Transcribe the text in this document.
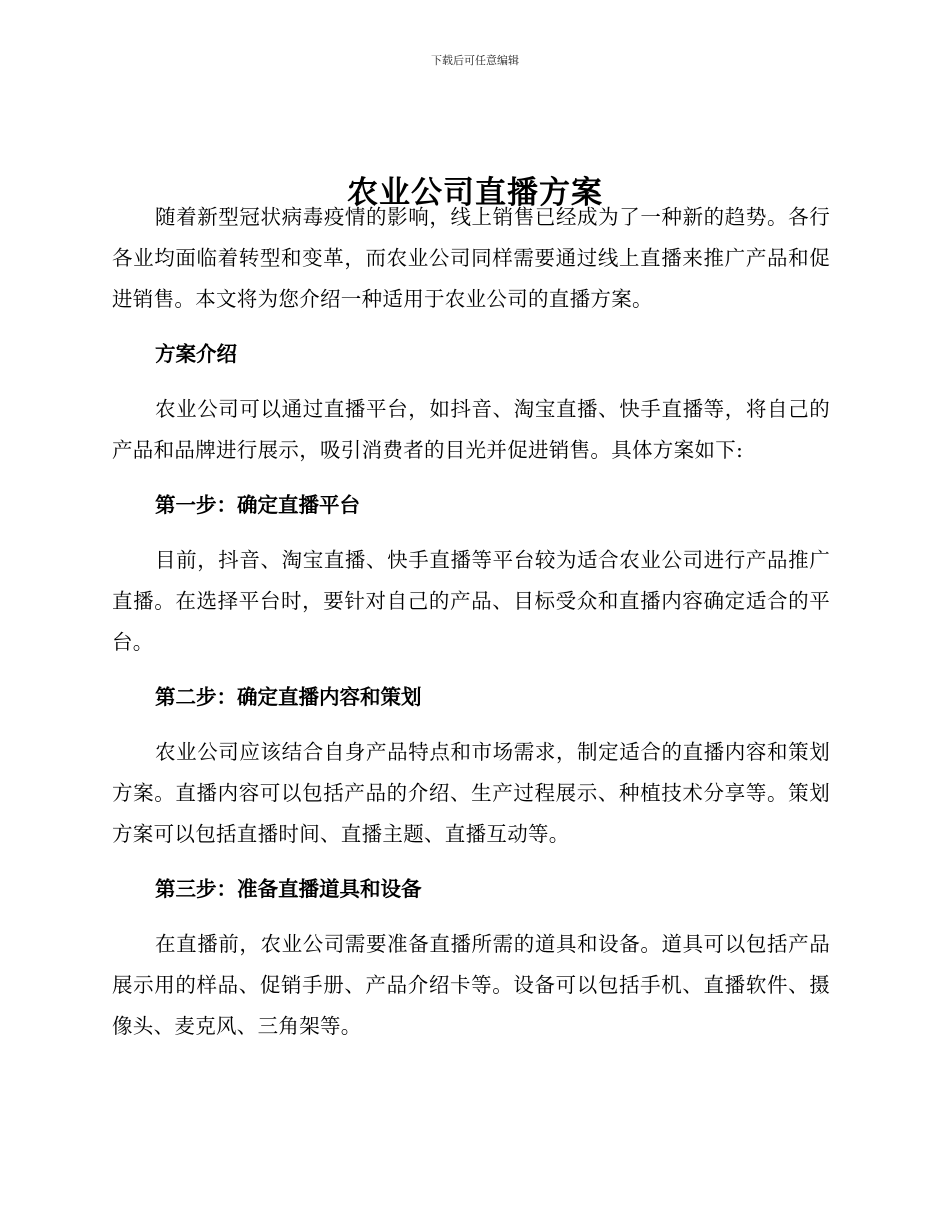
下载后可任意编辑
农业公司直播方案

随着新型冠状病毒疫情的影响，线上销售已经成为了一种新的趋势。各行各业均面临着转型和变革，而农业公司同样需要通过线上直播来推广产品和促进销售。本文将为您介绍一种适用于农业公司的直播方案。

方案介绍

农业公司可以通过直播平台，如抖音、淘宝直播、快手直播等，将自己的产品和品牌进行展示，吸引消费者的目光并促进销售。具体方案如下:

第一步：确定直播平台

目前，抖音、淘宝直播、快手直播等平台较为适合农业公司进行产品推广直播。在选择平台时，要针对自己的产品、目标受众和直播内容确定适合的平台。

第二步：确定直播内容和策划

农业公司应该结合自身产品特点和市场需求，制定适合的直播内容和策划方案。直播内容可以包括产品的介绍、生产过程展示、种植技术分享等。策划方案可以包括直播时间、直播主题、直播互动等。

第三步：准备直播道具和设备

在直播前，农业公司需要准备直播所需的道具和设备。道具可以包括产品展示用的样品、促销手册、产品介绍卡等。设备可以包括手机、直播软件、摄像头、麦克风、三角架等。
